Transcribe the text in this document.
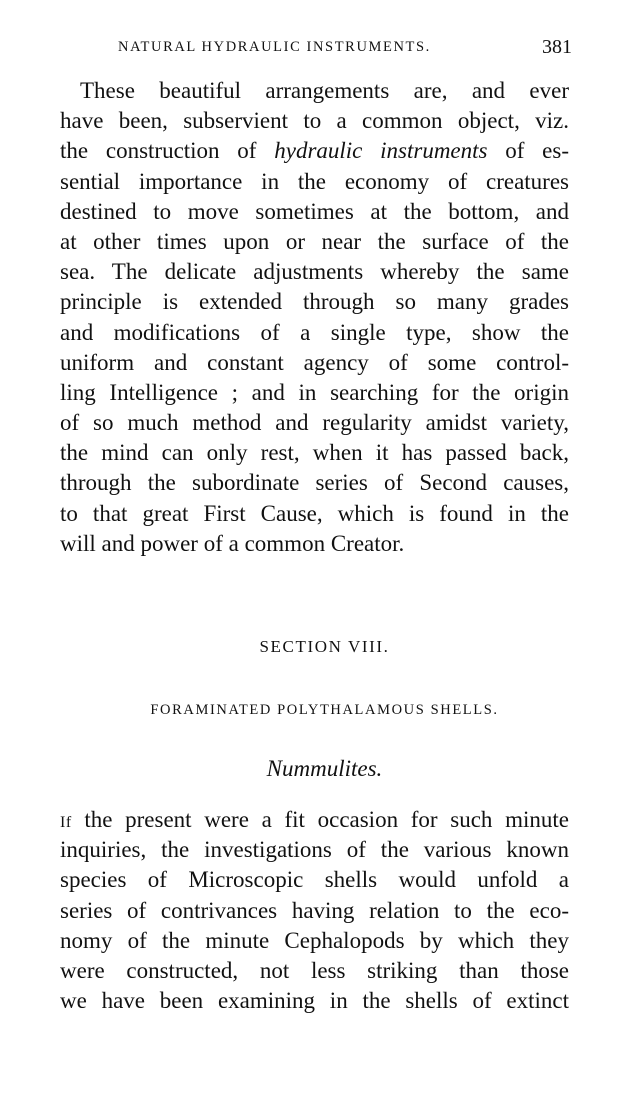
NATURAL HYDRAULIC INSTRUMENTS.	381
These beautiful arrangements are, and ever
have been, subservient to a common object, viz.
the construction of hydraulic instruments of es-
sential importance in the economy of creatures
destined to move sometimes at the bottom, and
at other times upon or near the surface of the
sea. The delicate adjustments whereby the same
principle is extended through so many grades
and modifications of a single type, show the
uniform and constant agency of some control-
ling Intelligence ; and in searching for the origin
of so much method and regularity amidst variety,
the mind can only rest, when it has passed back,
through the subordinate series of Second causes,
to that great First Cause, which is found in the
will and power of a common Creator.
SECTION VIII.
FORAMINATED POLYTHALAMOUS SHELLS.
Nummulites.
If the present were a fit occasion for such minute
inquiries, the investigations of the various known
species of Microscopic shells would unfold a
series of contrivances having relation to the eco-
nomy of the minute Cephalopods by which they
were constructed, not less striking than those
we have been examining in the shells of extinct
